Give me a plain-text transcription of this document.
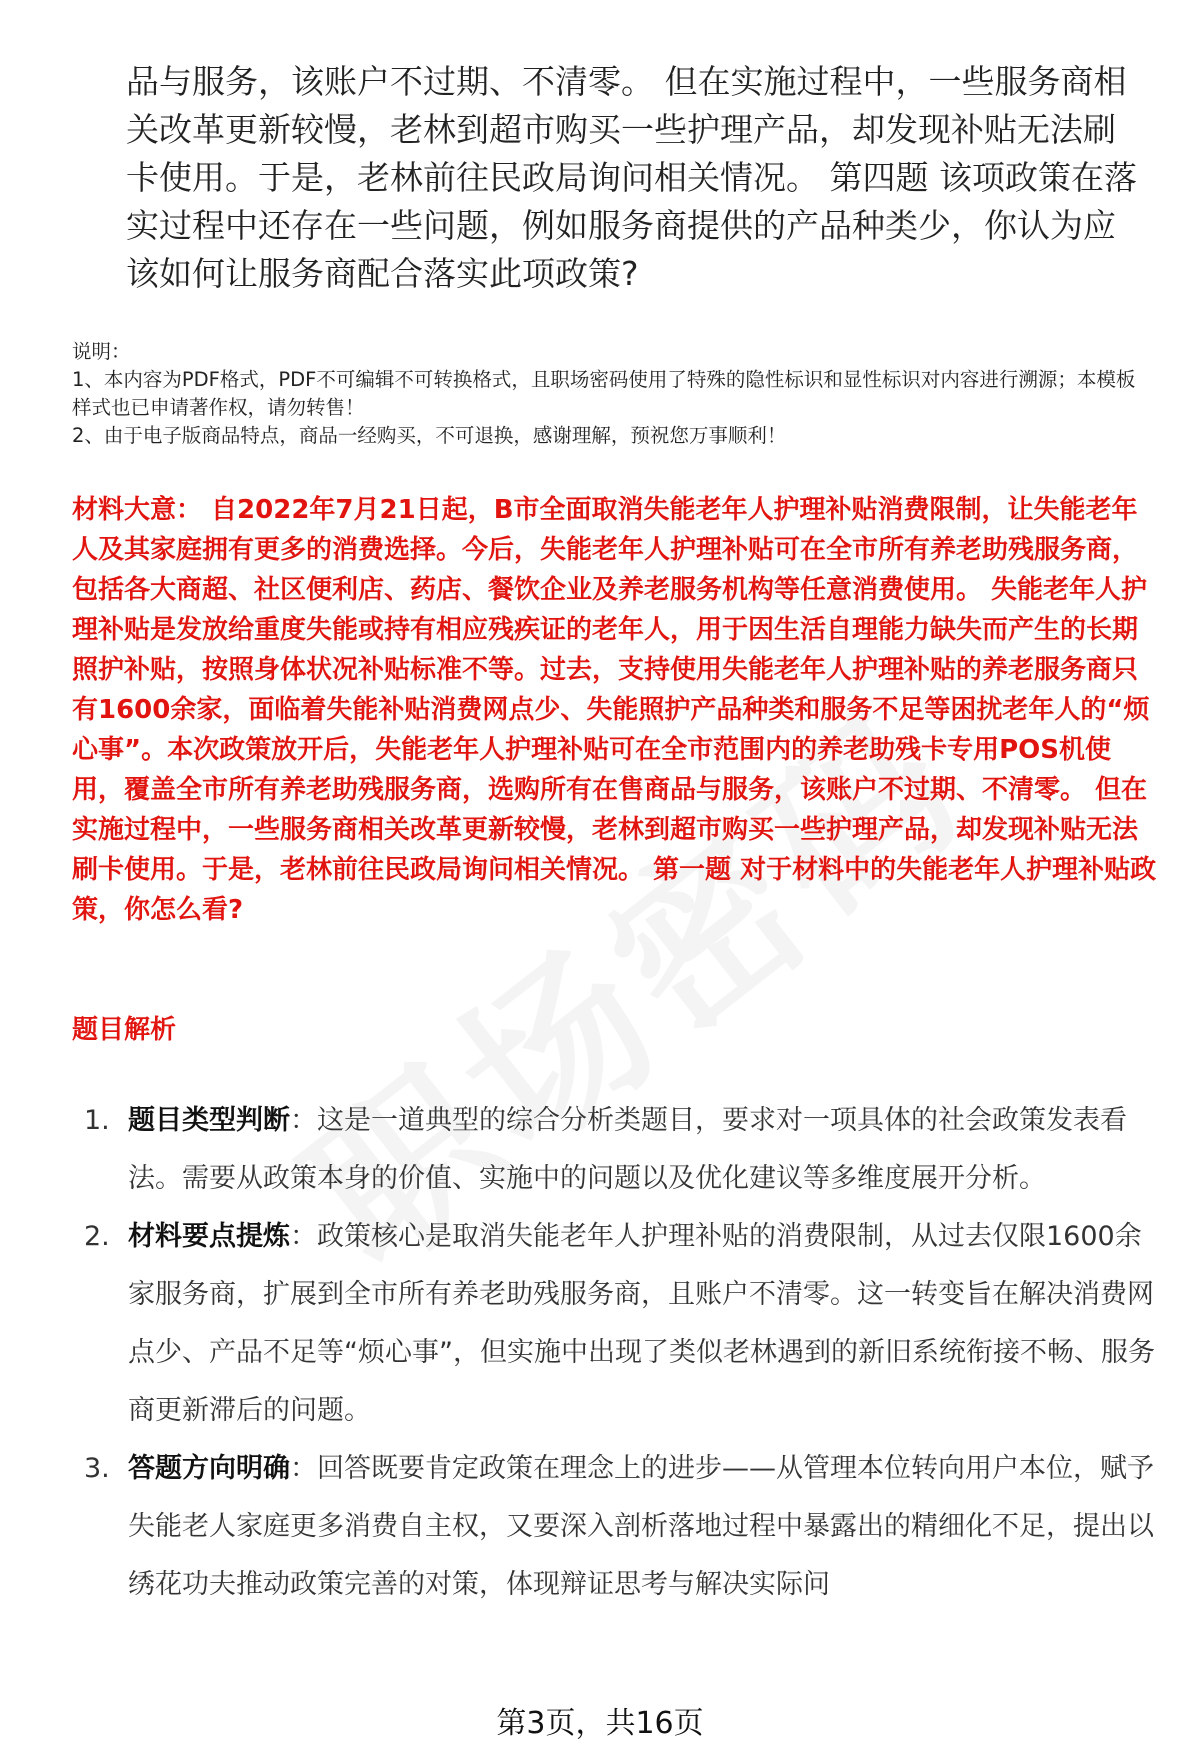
品与服务，该账户不过期、不清零。 但在实施过程中，一些服务商相关改革更新较慢，老林到超市购买一些护理产品，却发现补贴无法刷卡使用。于是，老林前往民政局询问相关情况。 第四题 该项政策在落实过程中还存在一些问题，例如服务商提供的产品种类少，你认为应该如何让服务商配合落实此项政策?

说明：
1、本内容为PDF格式，PDF不可编辑不可转换格式，且职场密码使用了特殊的隐性标识和显性标识对内容进行溯源；本模板样式也已申请著作权，请勿转售！
2、由于电子版商品特点，商品一经购买，不可退换，感谢理解，预祝您万事顺利！

材料大意： 自2022年7月21日起，B市全面取消失能老年人护理补贴消费限制，让失能老年人及其家庭拥有更多的消费选择。今后，失能老年人护理补贴可在全市所有养老助残服务商，包括各大商超、社区便利店、药店、餐饮企业及养老服务机构等任意消费使用。 失能老年人护理补贴是发放给重度失能或持有相应残疾证的老年人，用于因生活自理能力缺失而产生的长期照护补贴，按照身体状况补贴标准不等。过去，支持使用失能老年人护理补贴的养老服务商只有1600余家，面临着失能补贴消费网点少、失能照护产品种类和服务不足等困扰老年人的“烦心事”。本次政策放开后，失能老年人护理补贴可在全市范围内的养老助残卡专用POS机使用，覆盖全市所有养老助残服务商，选购所有在售商品与服务，该账户不过期、不清零。 但在实施过程中，一些服务商相关改革更新较慢，老林到超市购买一些护理产品，却发现补贴无法刷卡使用。于是，老林前往民政局询问相关情况。 第一题 对于材料中的失能老年人护理补贴政策，你怎么看?

题目解析

1. 题目类型判断：这是一道典型的综合分析类题目，要求对一项具体的社会政策发表看法。需要从政策本身的价值、实施中的问题以及优化建议等多维度展开分析。
2. 材料要点提炼：政策核心是取消失能老年人护理补贴的消费限制，从过去仅限1600余家服务商，扩展到全市所有养老助残服务商，且账户不清零。这一转变旨在解决消费网点少、产品不足等“烦心事”，但实施中出现了类似老林遇到的新旧系统衔接不畅、服务商更新滞后的问题。
3. 答题方向明确：回答既要肯定政策在理念上的进步——从管理本位转向用户本位，赋予失能老人家庭更多消费自主权，又要深入剖析落地过程中暴露出的精细化不足，提出以绣花功夫推动政策完善的对策，体现辩证思考与解决实际问
第3页，共16页
